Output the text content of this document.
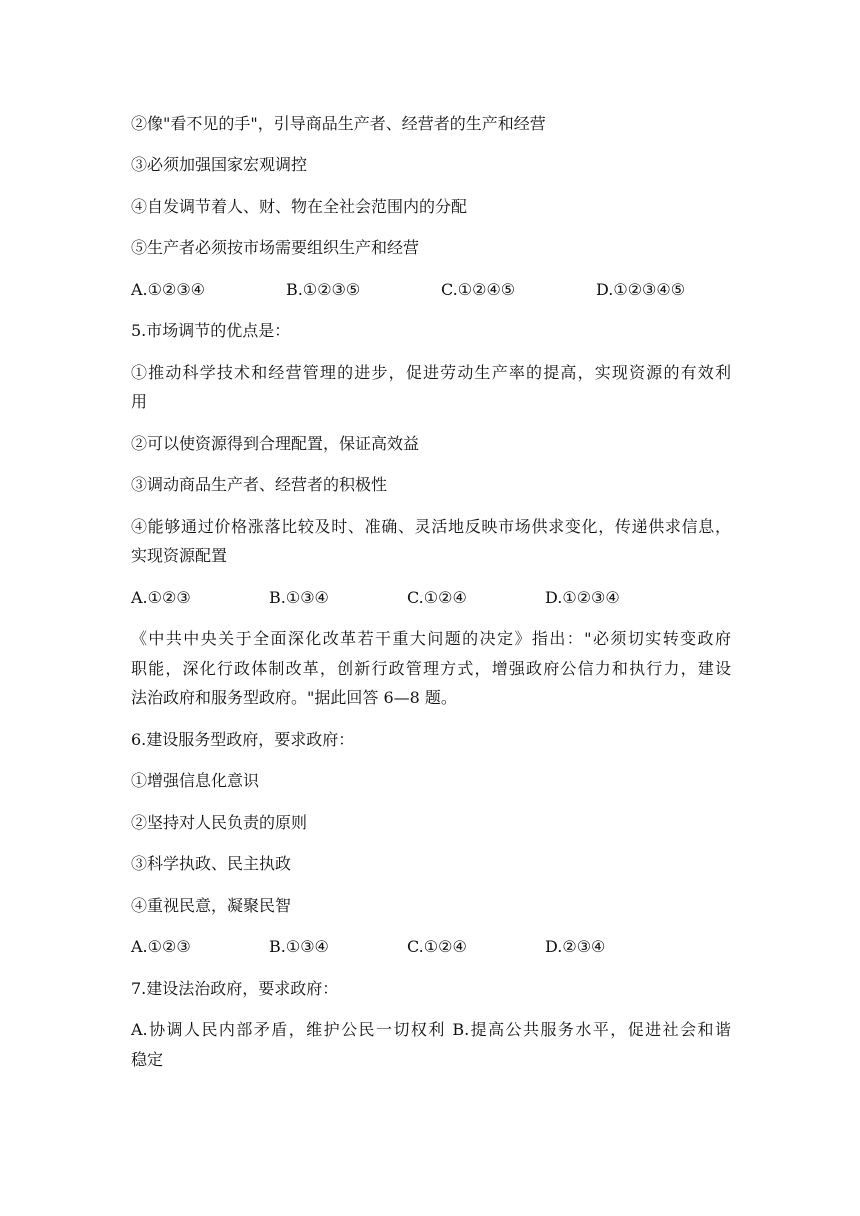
②像"看不见的手"，引导商品生产者、经营者的生产和经营
③必须加强国家宏观调控
④自发调节着人、财、物在全社会范围内的分配
⑤生产者必须按市场需要组织生产和经营
A.①②③④	B.①②③⑤	C.①②④⑤	D.①②③④⑤
5.市场调节的优点是：
①推动科学技术和经营管理的进步，促进劳动生产率的提高，实现资源的有效利
用
②可以使资源得到合理配置，保证高效益
③调动商品生产者、经营者的积极性
④能够通过价格涨落比较及时、准确、灵活地反映市场供求变化，传递供求信息，
实现资源配置
A.①②③	B.①③④	C.①②④	D.①②③④
《中共中央关于全面深化改革若干重大问题的决定》指出："必须切实转变政府
职能，深化行政体制改革，创新行政管理方式，增强政府公信力和执行力，建设
法治政府和服务型政府。"据此回答 6—8 题。
6.建设服务型政府，要求政府：
①增强信息化意识
②坚持对人民负责的原则
③科学执政、民主执政
④重视民意，凝聚民智
A.①②③	B.①③④	C.①②④	D.②③④
7.建设法治政府，要求政府：
A.协调人民内部矛盾，维护公民一切权利 B.提高公共服务水平，促进社会和谐
稳定
